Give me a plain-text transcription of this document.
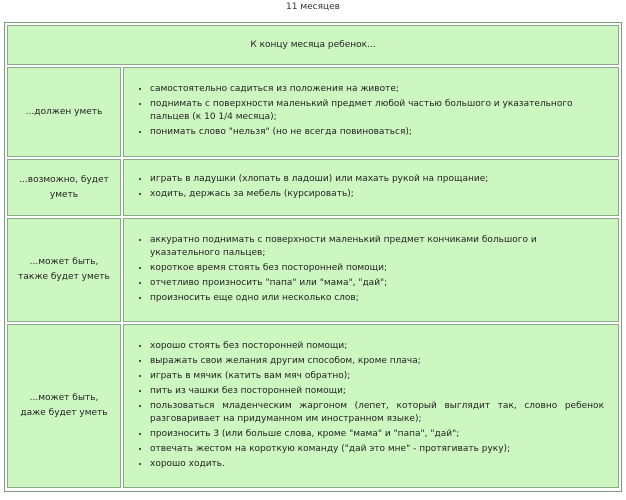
11 месяцев
К концу месяца ребенок...
...должен уметь
• самостоятельно садиться из положения на животе;
• поднимать с поверхности маленький предмет любой частью большого и указательного пальцев (к 10 1/4 месяца);
• понимать слово "нельзя" (но не всегда повиноваться);
...возможно, будет уметь
• играть в ладушки (хлопать в ладоши) или махать рукой на прощание;
• ходить, держась за мебель (курсировать);
...может быть, также будет уметь
• аккуратно поднимать с поверхности маленький предмет кончиками большого и указательного пальцев;
• короткое время стоять без посторонней помощи;
• отчетливо произносить "папа" или "мама", "дай";
• произносить еще одно или несколько слов;
...может быть, даже будет уметь
• хорошо стоять без посторонней помощи;
• выражать свои желания другим способом, кроме плача;
• играть в мячик (катить вам мяч обратно);
• пить из чашки без посторонней помощи;
• пользоваться младенческим жаргоном (лепет, который выглядит так, словно ребенок разговаривает на придуманном им иностранном языке);
• произносить 3 (или больше слова, кроме "мама" и "папа", "дай";
• отвечать жестом на короткую команду ("дай это мне" - протягивать руку);
• хорошо ходить.
